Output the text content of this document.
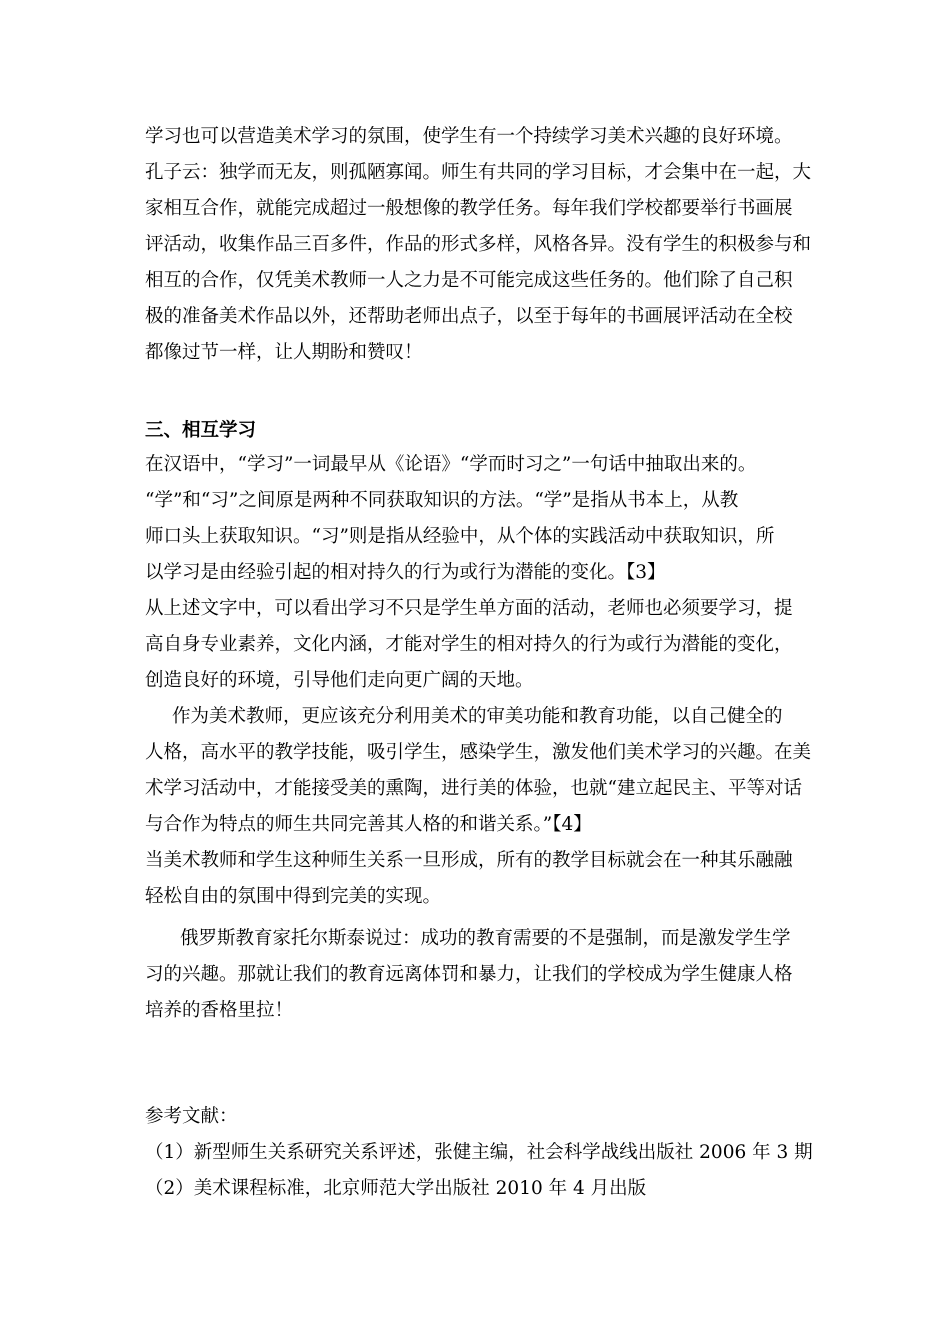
学习也可以营造美术学习的氛围，使学生有一个持续学习美术兴趣的良好环境。
孔子云：独学而无友，则孤陋寡闻。师生有共同的学习目标，才会集中在一起，大
家相互合作，就能完成超过一般想像的教学任务。每年我们学校都要举行书画展
评活动，收集作品三百多件，作品的形式多样，风格各异。没有学生的积极参与和
相互的合作，仅凭美术教师一人之力是不可能完成这些任务的。他们除了自己积
极的准备美术作品以外，还帮助老师出点子，以至于每年的书画展评活动在全校
都像过节一样，让人期盼和赞叹！
三、相互学习
在汉语中，“学习”一词最早从《论语》“学而时习之”一句话中抽取出来的。
“学”和“习”之间原是两种不同获取知识的方法。“学”是指从书本上，从教
师口头上获取知识。“习”则是指从经验中，从个体的实践活动中获取知识，所
以学习是由经验引起的相对持久的行为或行为潜能的变化。【3】
从上述文字中，可以看出学习不只是学生单方面的活动，老师也必须要学习，提
高自身专业素养，文化内涵，才能对学生的相对持久的行为或行为潜能的变化，
创造良好的环境，引导他们走向更广阔的天地。
作为美术教师，更应该充分利用美术的审美功能和教育功能，以自己健全的
人格，高水平的教学技能，吸引学生，感染学生，激发他们美术学习的兴趣。在美
术学习活动中，才能接受美的熏陶，进行美的体验，也就“建立起民主、平等对话
与合作为特点的师生共同完善其人格的和谐关系。”【4】
当美术教师和学生这种师生关系一旦形成，所有的教学目标就会在一种其乐融融
轻松自由的氛围中得到完美的实现。
俄罗斯教育家托尔斯泰说过：成功的教育需要的不是强制，而是激发学生学
习的兴趣。那就让我们的教育远离体罚和暴力，让我们的学校成为学生健康人格
培养的香格里拉！
参考文献：
（1）新型师生关系研究关系评述，张健主编，社会科学战线出版社 2006 年 3 期
（2）美术课程标准，北京师范大学出版社 2010 年 4 月出版
